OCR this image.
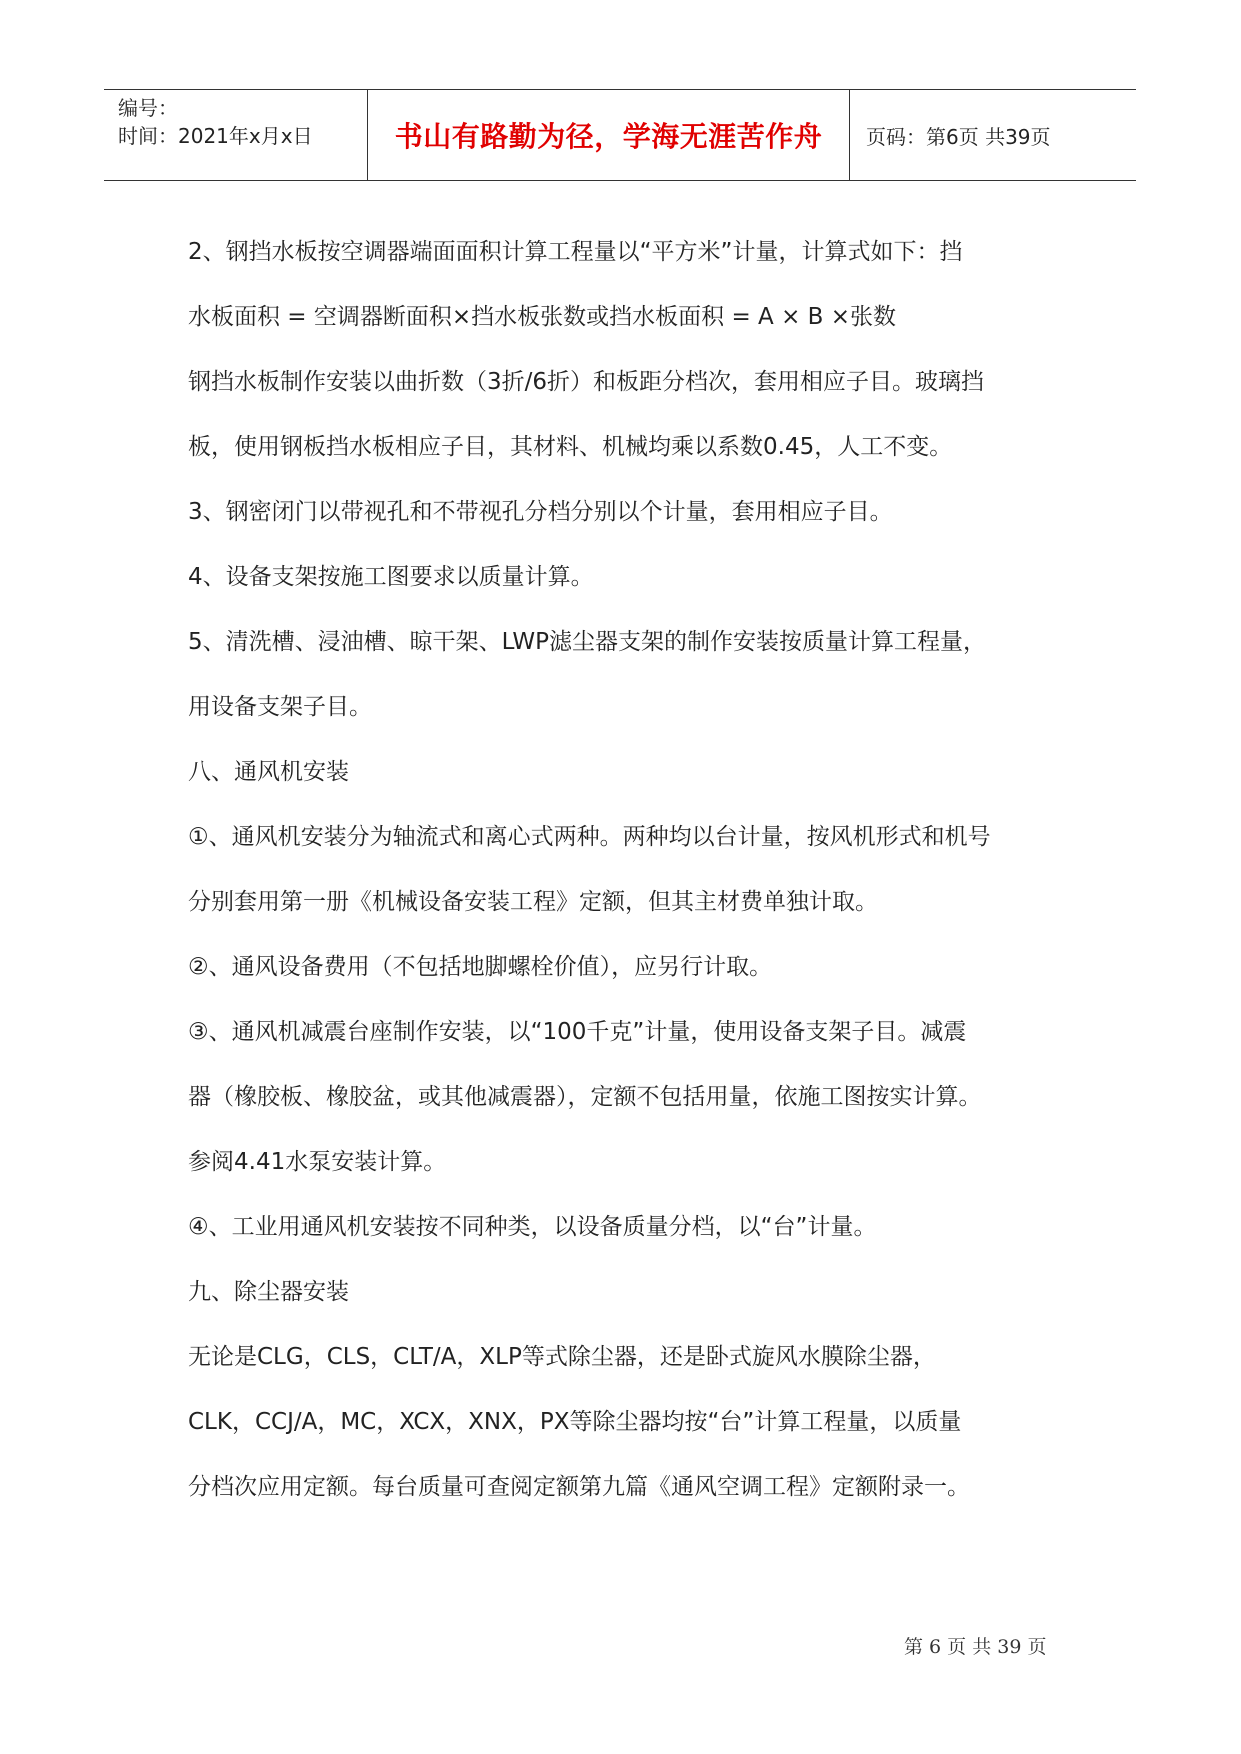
编号：
时间：2021年x月x日	书山有路勤为径，学海无涯苦作舟	页码：第6页 共39页

2、钢挡水板按空调器端面面积计算工程量以“平方米”计量，计算式如下：挡

水板面积 = 空调器断面积×挡水板张数或挡水板面积 = A × B ×张数

钢挡水板制作安装以曲折数（3折/6折）和板距分档次，套用相应子目。玻璃挡

板，使用钢板挡水板相应子目，其材料、机械均乘以系数0.45，人工不变。

3、钢密闭门以带视孔和不带视孔分档分别以个计量，套用相应子目。

4、设备支架按施工图要求以质量计算。

5、清洗槽、浸油槽、晾干架、LWP滤尘器支架的制作安装按质量计算工程量，

用设备支架子目。

八、通风机安装

①、通风机安装分为轴流式和离心式两种。两种均以台计量，按风机形式和机号

分别套用第一册《机械设备安装工程》定额，但其主材费单独计取。

②、通风设备费用（不包括地脚螺栓价值），应另行计取。

③、通风机减震台座制作安装，以“100千克”计量，使用设备支架子目。减震

器（橡胶板、橡胶盆，或其他减震器），定额不包括用量，依施工图按实计算。

参阅4.41水泵安装计算。

④、工业用通风机安装按不同种类，以设备质量分档，以“台”计量。

九、除尘器安装

无论是CLG，CLS，CLT/A，XLP等式除尘器，还是卧式旋风水膜除尘器，

CLK，CCJ/A，MC，XCX，XNX，PX等除尘器均按“台”计算工程量，以质量

分档次应用定额。每台质量可查阅定额第九篇《通风空调工程》定额附录一。

第 6 页 共 39 页
